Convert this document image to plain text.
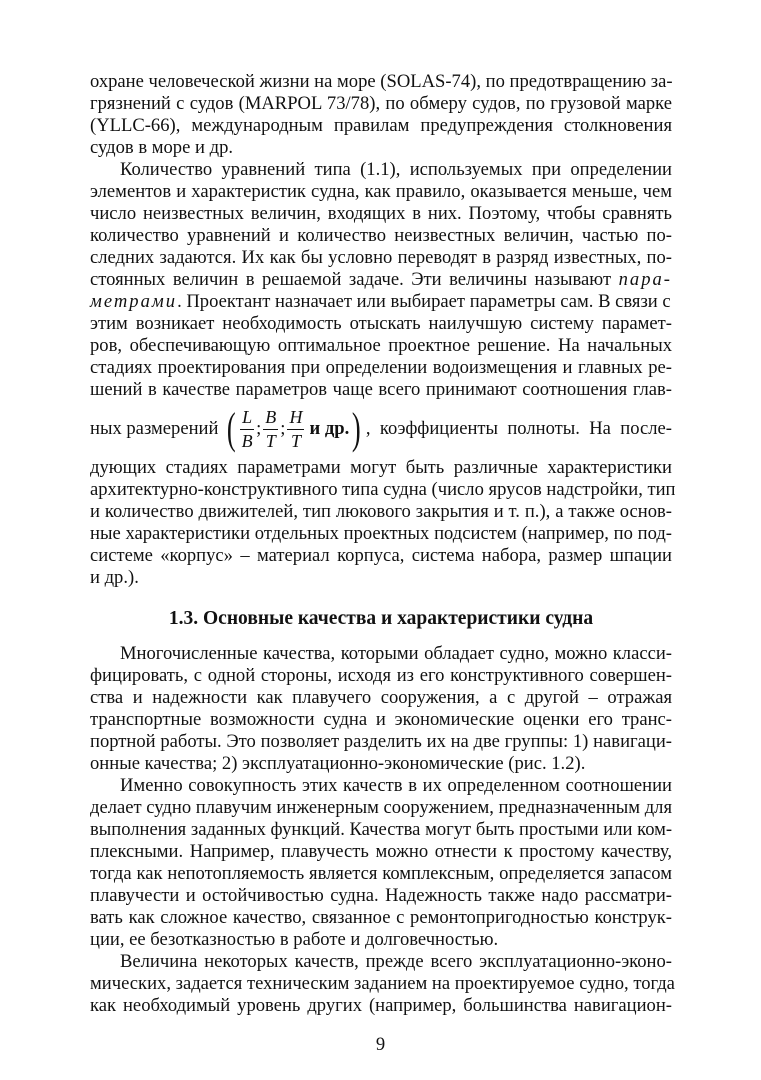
охране человеческой жизни на море (SOLAS-74), по предотвращению за-
грязнений с судов (MARPOL 73/78), по обмеру судов, по грузовой марке
(YLLC-66), международным правилам предупреждения столкновения
судов в море и др.
Количество уравнений типа (1.1), используемых при определении
элементов и характеристик судна, как правило, оказывается меньше, чем
число неизвестных величин, входящих в них. Поэтому, чтобы сравнять
количество уравнений и количество неизвестных величин, частью по-
следних задаются. Их как бы условно переводят в разряд известных, по-
стоянных величин в решаемой задаче. Эти величины называют пара-
метрами. Проектант назначает или выбирает параметры сам. В связи с
этим возникает необходимость отыскать наилучшую систему парамет-
ров, обеспечивающую оптимальное проектное решение. На начальных
стадиях проектирования при определении водоизмещения и главных ре-
шений в качестве параметров чаще всего принимают соотношения глав-
ных размерений ( $\frac{L}{B}$ ; $\frac{B}{T}$ ; $\frac{H}{T}$ и др. ) , коэффициенты полноты. На после-
дующих стадиях параметрами могут быть различные характеристики
архитектурно-конструктивного типа судна (число ярусов надстройки, тип
и количество движителей, тип люкового закрытия и т. п.), а также основ-
ные характеристики отдельных проектных подсистем (например, по под-
системе «корпус» – материал корпуса, система набора, размер шпации
и др.).
1.3. Основные качества и характеристики судна
Многочисленные качества, которыми обладает судно, можно класси-
фицировать, с одной стороны, исходя из его конструктивного совершен-
ства и надежности как плавучего сооружения, а с другой – отражая
транспортные возможности судна и экономические оценки его транс-
портной работы. Это позволяет разделить их на две группы: 1) навигаци-
онные качества; 2) эксплуатационно-экономические (рис. 1.2).
Именно совокупность этих качеств в их определенном соотношении
делает судно плавучим инженерным сооружением, предназначенным для
выполнения заданных функций. Качества могут быть простыми или ком-
плексными. Например, плавучесть можно отнести к простому качеству,
тогда как непотопляемость является комплексным, определяется запасом
плавучести и остойчивостью судна. Надежность также надо рассматри-
вать как сложное качество, связанное с ремонтопригодностью конструк-
ции, ее безотказностью в работе и долговечностью.
Величина некоторых качеств, прежде всего эксплуатационно-эконо-
мических, задается техническим заданием на проектируемое судно, тогда
как необходимый уровень других (например, большинства навигацион-
9
